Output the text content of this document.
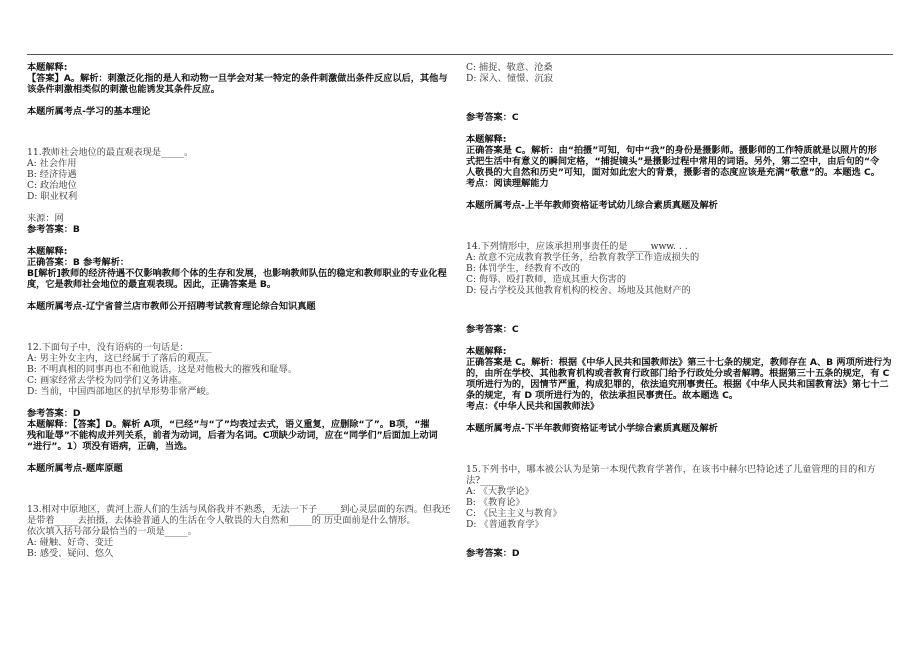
本题解释:
【答案】A。解析：刺激泛化指的是人和动物一旦学会对某一特定的条件刺激做出条件反应以后，其他与
该条件刺激相类似的刺激也能诱发其条件反应。
本题所属考点-学习的基本理论
11.教师社会地位的最直观表现是_____。
A: 社会作用
B: 经济待遇
C: 政治地位
D: 职业权利
来源：网
参考答案：B
本题解释:
正确答案：B 参考解析：
B[解析]教师的经济待遇不仅影响教师个体的生存和发展，也影响教师队伍的稳定和教师职业的专业化程
度，它是教师社会地位的最直观表现。因此，正确答案是 B。
本题所属考点-辽宁省普兰店市教师公开招聘考试教育理论综合知识真题
12.下面句子中，没有语病的一句话是：_____
A: 男主外女主内，这已经属于了落后的观点。
B: 不明真相的同事再也不和他说话，这是对他极大的摧残和耻辱。
C: 画家经常去学校为同学们义务讲座。
D: 当前，中国西部地区的抗旱形势非常严峻。
参考答案：D
本题解释：【答案】D。解析 A项，“已经”与“了”均表过去式，语义重复，应删除“了”。B项，“摧
残和耻辱”不能构成并列关系，前者为动词，后者为名词。C项缺少动词，应在“同学们”后面加上动词
“进行”。1）项没有语病，正确，当选。
本题所属考点-题库原题
13.相对中原地区，黄河上游人们的生活与风俗我并不熟悉，无法一下子_____到心灵层面的东西。但我还
是带着_____去拍摄，去体验普通人的生活在令人敬畏的大自然和_____的 历史面前是什么情形。
依次填入括号部分最恰当的一项是_____。
A: 碰触、好奇、变迁
B: 感受、疑问、悠久
C: 捕捉、敬意、沧桑
D: 深入、憧憬、沉寂
参考答案：C
本题解释:
正确答案是 C。解析：由“拍摄”可知，句中“我”的身份是摄影师。摄影师的工作特质就是以照片的形
式把生活中有意义的瞬间定格，“捕捉镜头”是摄影过程中常用的词语。另外，第二空中，由后句的“令
人敬畏的大自然和历史”可知，面对如此宏大的背景，摄影者的态度应该是充满“敬意”的。本题选 C。
考点：阅读理解能力
本题所属考点-上半年教师资格证考试幼儿综合素质真题及解析
14.下列情形中，应该承担刑事责任的是_____www. . .
A: 故意不完成教育教学任务，给教育教学工作造成损失的
B: 体罚学生，经教育不改的
C: 侮辱、殴打教师，造成其重大伤害的
D: 侵占学校及其他教育机构的校舍、场地及其他财产的
参考答案：C
本题解释:
正确答案是 C。解析：根据《中华人民共和国教师法》第三十七条的规定，教师存在 A、B 两项所进行为
的，由所在学校、其他教育机构或者教育行政部门给予行政处分或者解聘。根据第三十五条的规定，有 C
项所进行为的，因情节严重，构成犯罪的，依法追究刑事责任。根据《中华人民共和国教育法》第七十二
条的规定，有 D 项所进行为的，依法承担民事责任。故本题选 C。
考点：《中华人民共和国教师法》
本题所属考点-下半年教师资格证考试小学综合素质真题及解析
15.下列书中，哪本被公认为是第一本现代教育学著作，在该书中赫尔巴特论述了儿童管理的目的和方
法?_____
A: 《大教学论》
B: 《教育论》
C: 《民主主义与教育》
D: 《普通教育学》
参考答案：D
